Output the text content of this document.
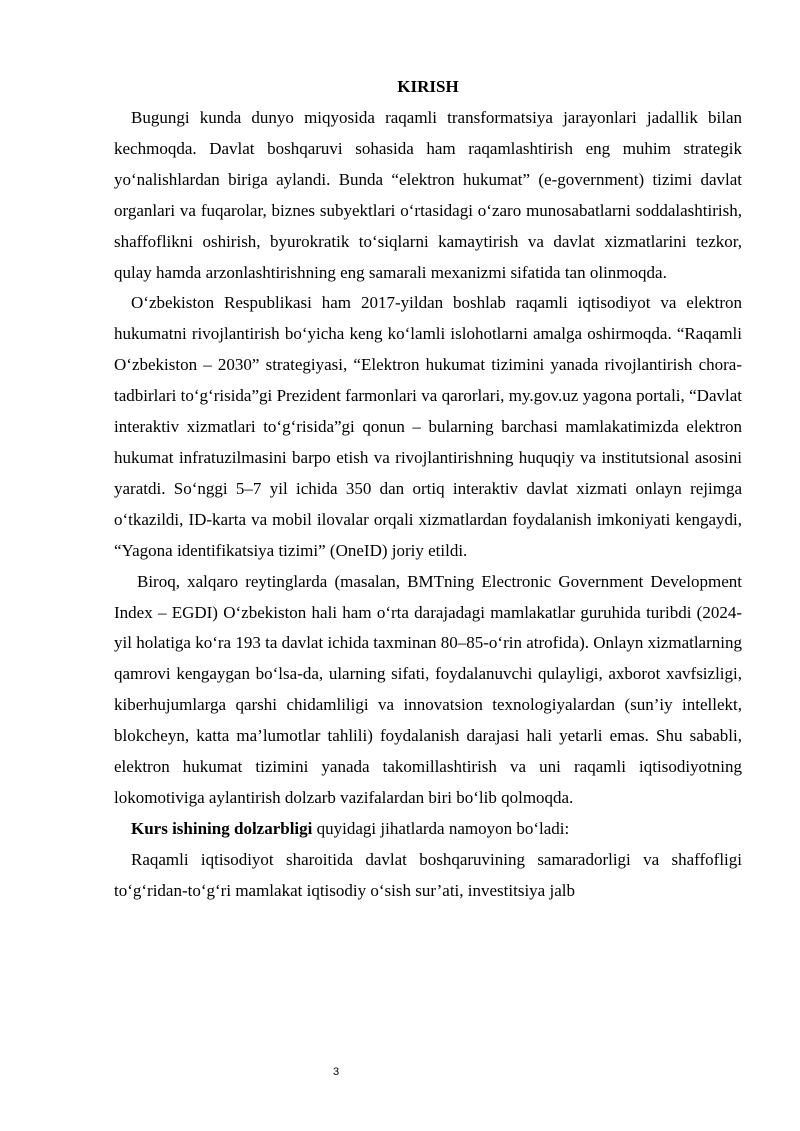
KIRISH

Bugungi kunda dunyo miqyosida raqamli transformatsiya jarayonlari jadallik bilan kechmoqda. Davlat boshqaruvi sohasida ham raqamlashtirish eng muhim strategik yo‘nalishlardan biriga aylandi. Bunda “elektron hukumat” (e-government) tizimi davlat organlari va fuqarolar, biznes subyektlari o‘rtasidagi o‘zaro munosabatlarni soddalashtirish, shaffoflikni oshirish, byurokratik to‘siqlarni kamaytirish va davlat xizmatlarini tezkor, qulay hamda arzonlashtirishning eng samarali mexanizmi sifatida tan olinmoqda.

O‘zbekiston Respublikasi ham 2017-yildan boshlab raqamli iqtisodiyot va elektron hukumatni rivojlantirish bo‘yicha keng ko‘lamli islohotlarni amalga oshirmoqda. “Raqamli O‘zbekiston – 2030” strategiyasi, “Elektron hukumat tizimini yanada rivojlantirish chora-tadbirlari to‘g‘risida”gi Prezident farmonlari va qarorlari, my.gov.uz yagona portali, “Davlat interaktiv xizmatlari to‘g‘risida”gi qonun – bularning barchasi mamlakatimizda elektron hukumat infratuzilmasini barpo etish va rivojlantirishning huquqiy va institutsional asosini yaratdi. So‘nggi 5–7 yil ichida 350 dan ortiq interaktiv davlat xizmati onlayn rejimga o‘tkazildi, ID-karta va mobil ilovalar orqali xizmatlardan foydalanish imkoniyati kengaydi, “Yagona identifikatsiya tizimi” (OneID) joriy etildi.

Biroq, xalqaro reytinglarda (masalan, BMTning Electronic Government Development Index – EGDI) O‘zbekiston hali ham o‘rta darajadagi mamlakatlar guruhida turibdi (2024-yil holatiga ko‘ra 193 ta davlat ichida taxminan 80–85-o‘rin atrofida). Onlayn xizmatlarning qamrovi kengaygan bo‘lsa-da, ularning sifati, foydalanuvchi qulayligi, axborot xavfsizligi, kiberhujumlarga qarshi chidamliligi va innovatsion texnologiyalardan (sun’iy intellekt, blokcheyn, katta ma’lumotlar tahlili) foydalanish darajasi hali yetarli emas. Shu sababli, elektron hukumat tizimini yanada takomillashtirish va uni raqamli iqtisodiyotning lokomotiviga aylantirish dolzarb vazifalardan biri bo‘lib qolmoqda.

Kurs ishining dolzarbligi quyidagi jihatlarda namoyon bo‘ladi:

Raqamli iqtisodiyot sharoitida davlat boshqaruvining samaradorligi va shaffofligi to‘g‘ridan-to‘g‘ri mamlakat iqtisodiy o‘sish sur’ati, investitsiya jalb

3
